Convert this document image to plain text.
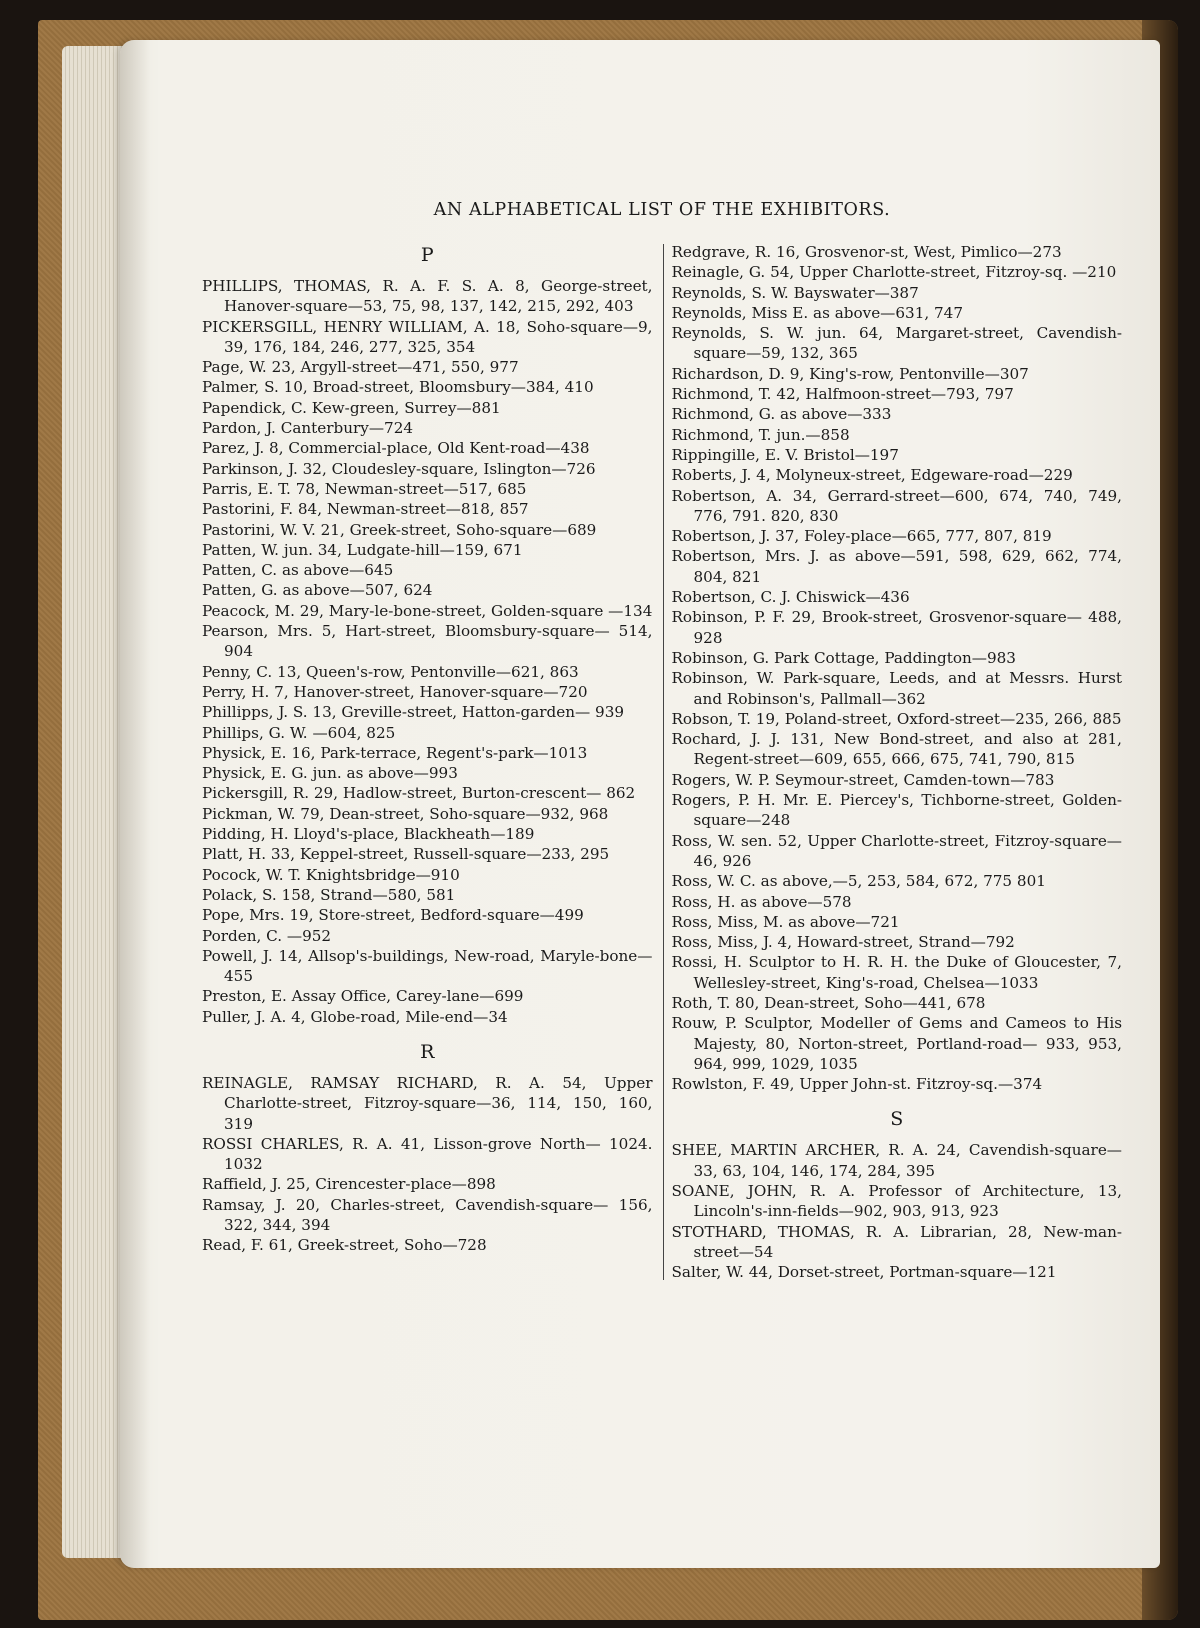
AN ALPHABETICAL LIST OF THE EXHIBITORS.
P

PHILLIPS, THOMAS, R. A. F. S. A. 8, George-street, Hanover-square—53, 75, 98, 137, 142, 215, 292, 403

PICKERSGILL, HENRY WILLIAM, A. 18, Soho-square—9, 39, 176, 184, 246, 277, 325, 354

Page, W. 23, Argyll-street—471, 550, 977

Palmer, S. 10, Broad-street, Bloomsbury—384, 410

Papendick, C. Kew-green, Surrey—881

Pardon, J. Canterbury—724

Parez, J. 8, Commercial-place, Old Kent-road—438

Parkinson, J. 32, Cloudesley-square, Islington—726

Parris, E. T. 78, Newman-street—517, 685

Pastorini, F. 84, Newman-street—818, 857

Pastorini, W. V. 21, Greek-street, Soho-square—689

Patten, W. jun. 34, Ludgate-hill—159, 671

Patten, C. as above—645

Patten, G. as above—507, 624

Peacock, M. 29, Mary-le-bone-street, Golden-square —134

Pearson, Mrs. 5, Hart-street, Bloomsbury-square— 514, 904

Penny, C. 13, Queen's-row, Pentonville—621, 863

Perry, H. 7, Hanover-street, Hanover-square—720

Phillipps, J. S. 13, Greville-street, Hatton-garden— 939

Phillips, G. W. —604, 825

Physick, E. 16, Park-terrace, Regent's-park—1013

Physick, E. G. jun. as above—993

Pickersgill, R. 29, Hadlow-street, Burton-crescent— 862

Pickman, W. 79, Dean-street, Soho-square—932, 968

Pidding, H. Lloyd's-place, Blackheath—189

Platt, H. 33, Keppel-street, Russell-square—233, 295

Pocock, W. T. Knightsbridge—910

Polack, S. 158, Strand—580, 581

Pope, Mrs. 19, Store-street, Bedford-square—499

Porden, C. —952

Powell, J. 14, Allsop's-buildings, New-road, Maryle-bone—455

Preston, E. Assay Office, Carey-lane—699

Puller, J. A. 4, Globe-road, Mile-end—34

R

REINAGLE, RAMSAY RICHARD, R. A. 54, Upper Charlotte-street, Fitzroy-square—36, 114, 150, 160, 319

ROSSI CHARLES, R. A. 41, Lisson-grove North— 1024. 1032

Raffield, J. 25, Cirencester-place—898

Ramsay, J. 20, Charles-street, Cavendish-square— 156, 322, 344, 394

Read, F. 61, Greek-street, Soho—728

Redgrave, R. 16, Grosvenor-st, West, Pimlico—273

Reinagle, G. 54, Upper Charlotte-street, Fitzroy-sq. —210

Reynolds, S. W. Bayswater—387

Reynolds, Miss E. as above—631, 747

Reynolds, S. W. jun. 64, Margaret-street, Cavendish-square—59, 132, 365

Richardson, D. 9, King's-row, Pentonville—307

Richmond, T. 42, Halfmoon-street—793, 797

Richmond, G. as above—333

Richmond, T. jun.—858

Rippingille, E. V. Bristol—197

Roberts, J. 4, Molyneux-street, Edgeware-road—229

Robertson, A. 34, Gerrard-street—600, 674, 740, 749, 776, 791. 820, 830

Robertson, J. 37, Foley-place—665, 777, 807, 819

Robertson, Mrs. J. as above—591, 598, 629, 662, 774, 804, 821

Robertson, C. J. Chiswick—436

Robinson, P. F. 29, Brook-street, Grosvenor-square— 488, 928

Robinson, G. Park Cottage, Paddington—983

Robinson, W. Park-square, Leeds, and at Messrs. Hurst and Robinson's, Pallmall—362

Robson, T. 19, Poland-street, Oxford-street—235, 266, 885

Rochard, J. J. 131, New Bond-street, and also at 281, Regent-street—609, 655, 666, 675, 741, 790, 815

Rogers, W. P. Seymour-street, Camden-town—783

Rogers, P. H. Mr. E. Piercey's, Tichborne-street, Golden-square—248

Ross, W. sen. 52, Upper Charlotte-street, Fitzroy-square—46, 926

Ross, W. C. as above,—5, 253, 584, 672, 775 801

Ross, H. as above—578

Ross, Miss, M. as above—721

Ross, Miss, J. 4, Howard-street, Strand—792

Rossi, H. Sculptor to H. R. H. the Duke of Gloucester, 7, Wellesley-street, King's-road, Chelsea—1033

Roth, T. 80, Dean-street, Soho—441, 678

Rouw, P. Sculptor, Modeller of Gems and Cameos to His Majesty, 80, Norton-street, Portland-road— 933, 953, 964, 999, 1029, 1035

Rowlston, F. 49, Upper John-st. Fitzroy-sq.—374

S

SHEE, MARTIN ARCHER, R. A. 24, Cavendish-square—33, 63, 104, 146, 174, 284, 395

SOANE, JOHN, R. A. Professor of Architecture, 13, Lincoln's-inn-fields—902, 903, 913, 923

STOTHARD, THOMAS, R. A. Librarian, 28, New-man-street—54

Salter, W. 44, Dorset-street, Portman-square—121
